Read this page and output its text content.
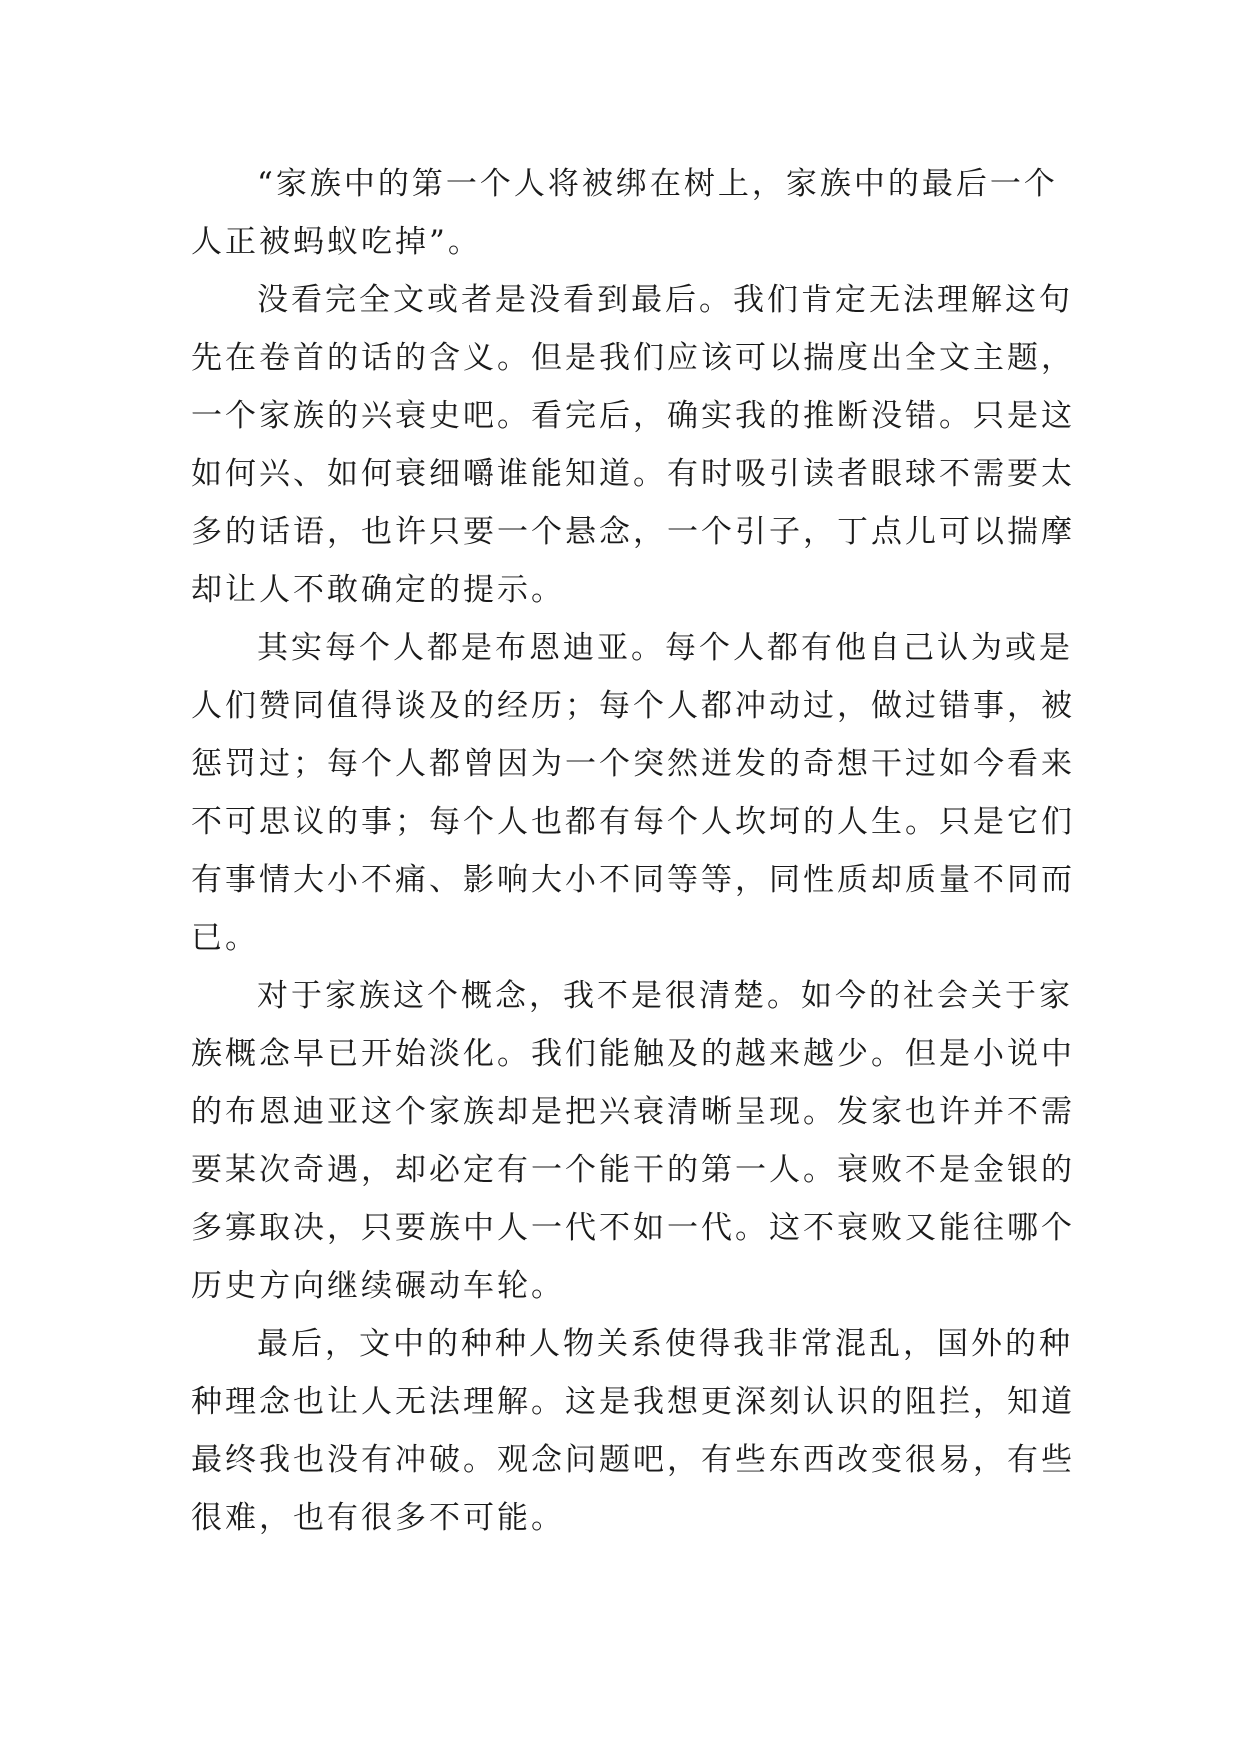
“家族中的第一个人将被绑在树上，家族中的最后一个
人正被蚂蚁吃掉”。
没看完全文或者是没看到最后。我们肯定无法理解这句
先在卷首的话的含义。但是我们应该可以揣度出全文主题，
一个家族的兴衰史吧。看完后，确实我的推断没错。只是这
如何兴、如何衰细嚼谁能知道。有时吸引读者眼球不需要太
多的话语，也许只要一个悬念，一个引子，丁点儿可以揣摩
却让人不敢确定的提示。
其实每个人都是布恩迪亚。每个人都有他自己认为或是
人们赞同值得谈及的经历；每个人都冲动过，做过错事，被
惩罚过；每个人都曾因为一个突然迸发的奇想干过如今看来
不可思议的事；每个人也都有每个人坎坷的人生。只是它们
有事情大小不痛、影响大小不同等等，同性质却质量不同而
已。
对于家族这个概念，我不是很清楚。如今的社会关于家
族概念早已开始淡化。我们能触及的越来越少。但是小说中
的布恩迪亚这个家族却是把兴衰清晰呈现。发家也许并不需
要某次奇遇，却必定有一个能干的第一人。衰败不是金银的
多寡取决，只要族中人一代不如一代。这不衰败又能往哪个
历史方向继续碾动车轮。
最后，文中的种种人物关系使得我非常混乱，国外的种
种理念也让人无法理解。这是我想更深刻认识的阻拦，知道
最终我也没有冲破。观念问题吧，有些东西改变很易，有些
很难，也有很多不可能。
